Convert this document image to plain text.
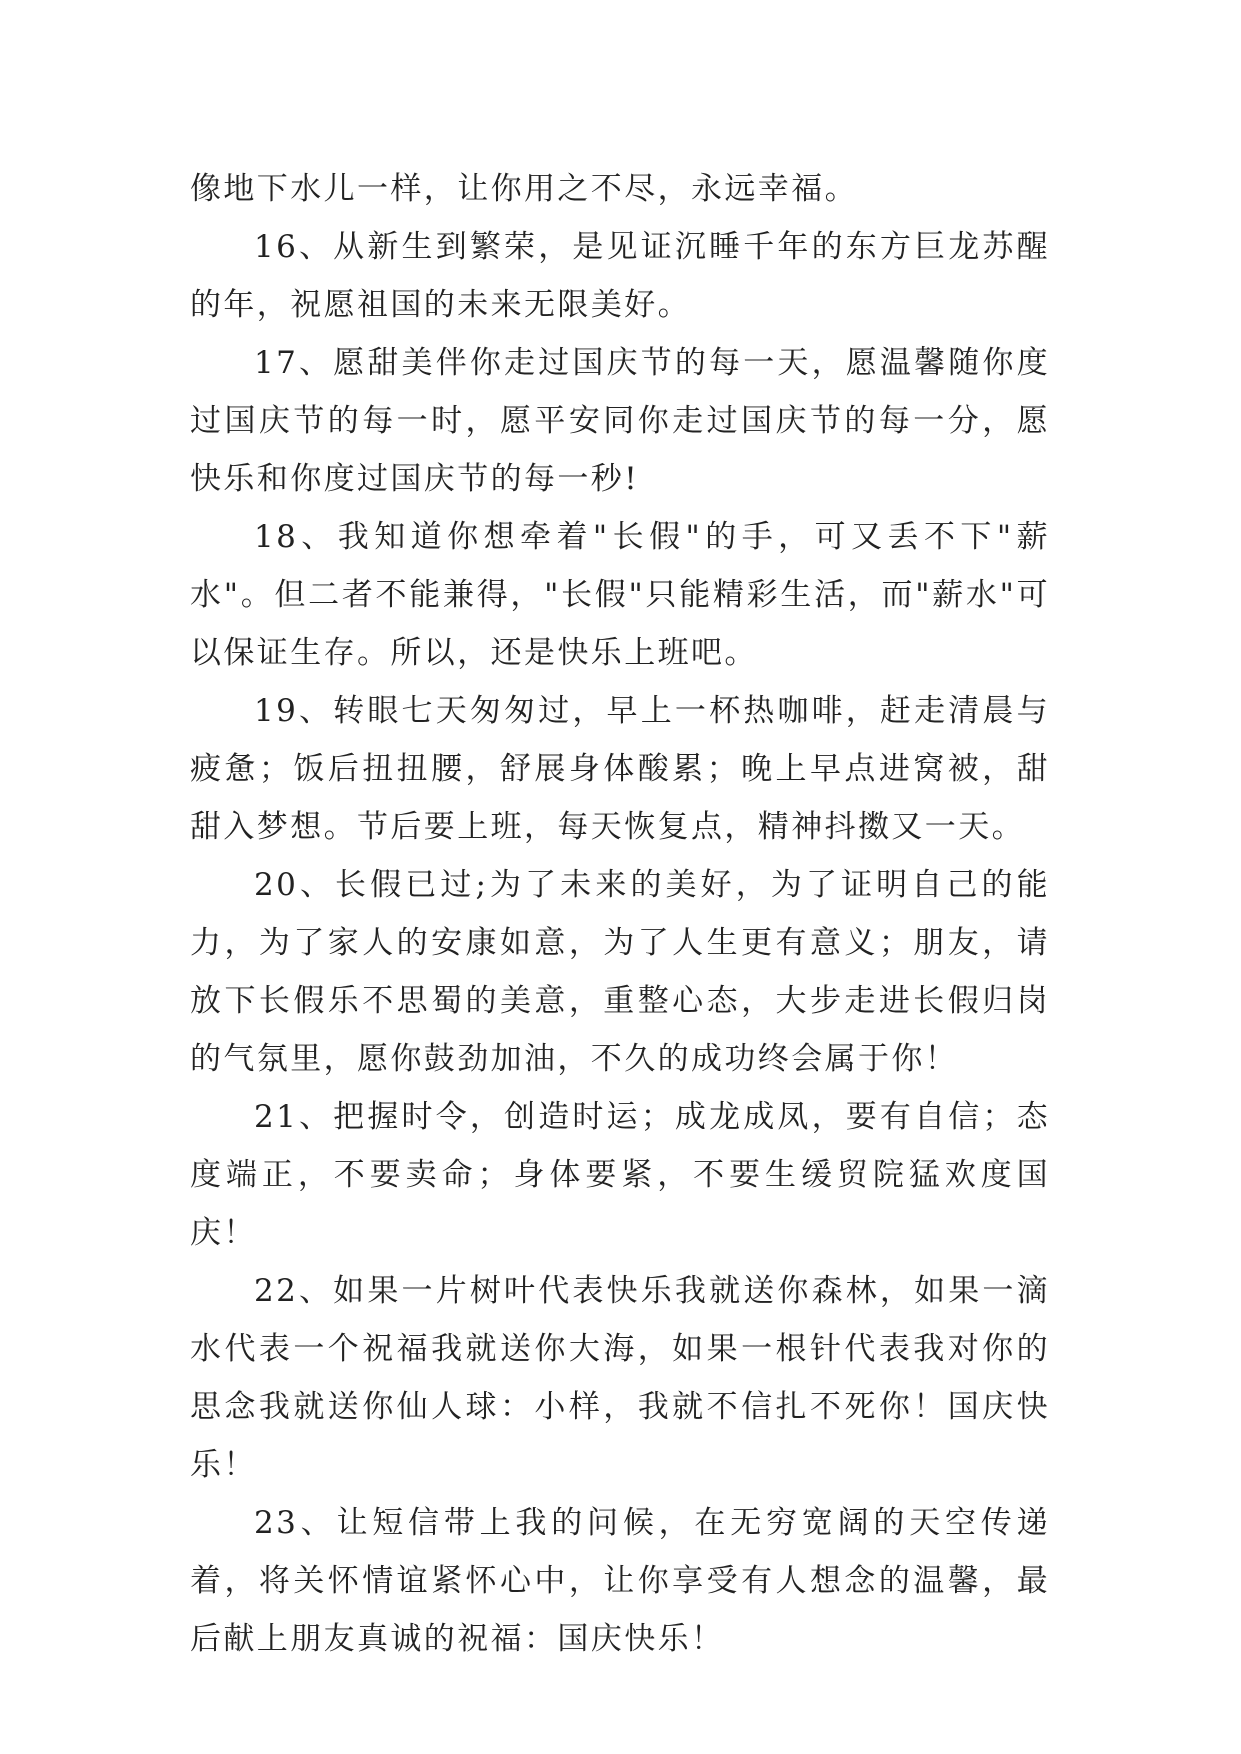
像地下水儿一样，让你用之不尽，永远幸福。

16、从新生到繁荣，是见证沉睡千年的东方巨龙苏醒的年，祝愿祖国的未来无限美好。

17、愿甜美伴你走过国庆节的每一天，愿温馨随你度过国庆节的每一时，愿平安同你走过国庆节的每一分，愿快乐和你度过国庆节的每一秒!

18、我知道你想牵着"长假"的手，可又丢不下"薪水"。但二者不能兼得，"长假"只能精彩生活，而"薪水"可以保证生存。所以，还是快乐上班吧。

19、转眼七天匆匆过，早上一杯热咖啡，赶走清晨与疲惫；饭后扭扭腰，舒展身体酸累；晚上早点进窝被，甜甜入梦想。节后要上班，每天恢复点，精神抖擞又一天。

20、长假已过;为了未来的美好，为了证明自己的能力，为了家人的安康如意，为了人生更有意义；朋友，请放下长假乐不思蜀的美意，重整心态，大步走进长假归岗的气氛里，愿你鼓劲加油，不久的成功终会属于你！

21、把握时令，创造时运；成龙成凤，要有自信；态度端正，不要卖命；身体要紧，不要生缓贸院猛欢度国庆！

22、如果一片树叶代表快乐我就送你森林，如果一滴水代表一个祝福我就送你大海，如果一根针代表我对你的思念我就送你仙人球：小样，我就不信扎不死你！国庆快乐！

23、让短信带上我的问候，在无穷宽阔的天空传递着，将关怀情谊紧怀心中，让你享受有人想念的温馨，最后献上朋友真诚的祝福：国庆快乐！
